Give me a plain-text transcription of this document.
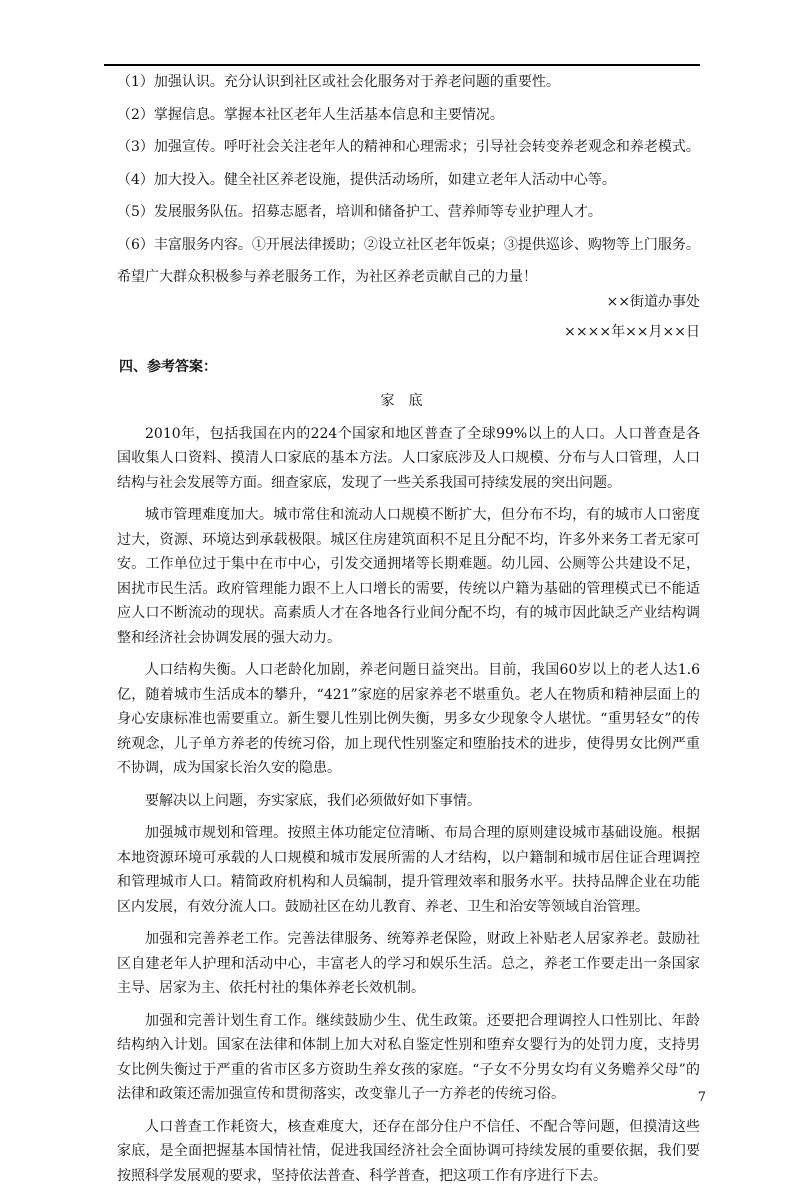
（1）加强认识。充分认识到社区或社会化服务对于养老问题的重要性。

（2）掌握信息。掌握本社区老年人生活基本信息和主要情况。

（3）加强宣传。呼吁社会关注老年人的精神和心理需求；引导社会转变养老观念和养老模式。

（4）加大投入。健全社区养老设施，提供活动场所，如建立老年人活动中心等。

（5）发展服务队伍。招募志愿者，培训和储备护工、营养师等专业护理人才。

（6）丰富服务内容。①开展法律援助；②设立社区老年饭桌；③提供巡诊、购物等上门服务。

希望广大群众积极参与养老服务工作，为社区养老贡献自己的力量！

××街道办事处

××××年××月××日

四、参考答案：

家底

2010年，包括我国在内的224个国家和地区普查了全球99%以上的人口。人口普查是各国收集人口资料、摸清人口家底的基本方法。人口家底涉及人口规模、分布与人口管理，人口结构与社会发展等方面。细查家底，发现了一些关系我国可持续发展的突出问题。

城市管理难度加大。城市常住和流动人口规模不断扩大，但分布不均，有的城市人口密度过大，资源、环境达到承载极限。城区住房建筑面积不足且分配不均，许多外来务工者无家可安。工作单位过于集中在市中心，引发交通拥堵等长期难题。幼儿园、公厕等公共建设不足，困扰市民生活。政府管理能力跟不上人口增长的需要，传统以户籍为基础的管理模式已不能适应人口不断流动的现状。高素质人才在各地各行业间分配不均，有的城市因此缺乏产业结构调整和经济社会协调发展的强大动力。

人口结构失衡。人口老龄化加剧，养老问题日益突出。目前，我国60岁以上的老人达1.6亿，随着城市生活成本的攀升，“421”家庭的居家养老不堪重负。老人在物质和精神层面上的身心安康标准也需要重立。新生婴儿性别比例失衡，男多女少现象令人堪忧。“重男轻女”的传统观念，儿子单方养老的传统习俗，加上现代性别鉴定和堕胎技术的进步，使得男女比例严重不协调，成为国家长治久安的隐患。

要解决以上问题，夯实家底，我们必须做好如下事情。

加强城市规划和管理。按照主体功能定位清晰、布局合理的原则建设城市基础设施。根据本地资源环境可承载的人口规模和城市发展所需的人才结构，以户籍制和城市居住证合理调控和管理城市人口。精简政府机构和人员编制，提升管理效率和服务水平。扶持品牌企业在功能区内发展，有效分流人口。鼓励社区在幼儿教育、养老、卫生和治安等领域自治管理。

加强和完善养老工作。完善法律服务、统筹养老保险，财政上补贴老人居家养老。鼓励社区自建老年人护理和活动中心，丰富老人的学习和娱乐生活。总之，养老工作要走出一条国家主导、居家为主、依托村社的集体养老长效机制。

加强和完善计划生育工作。继续鼓励少生、优生政策。还要把合理调控人口性别比、年龄结构纳入计划。国家在法律和体制上加大对私自鉴定性别和堕弃女婴行为的处罚力度，支持男女比例失衡过于严重的省市区多方资助生养女孩的家庭。“子女不分男女均有义务赡养父母”的法律和政策还需加强宣传和贯彻落实，改变靠儿子一方养老的传统习俗。

人口普查工作耗资大，核查难度大，还存在部分住户不信任、不配合等问题，但摸清这些家底，是全面把握基本国情社情，促进我国经济社会全面协调可持续发展的重要依据，我们要按照科学发展观的要求，坚持依法普查、科学普查，把这项工作有序进行下去。

7
